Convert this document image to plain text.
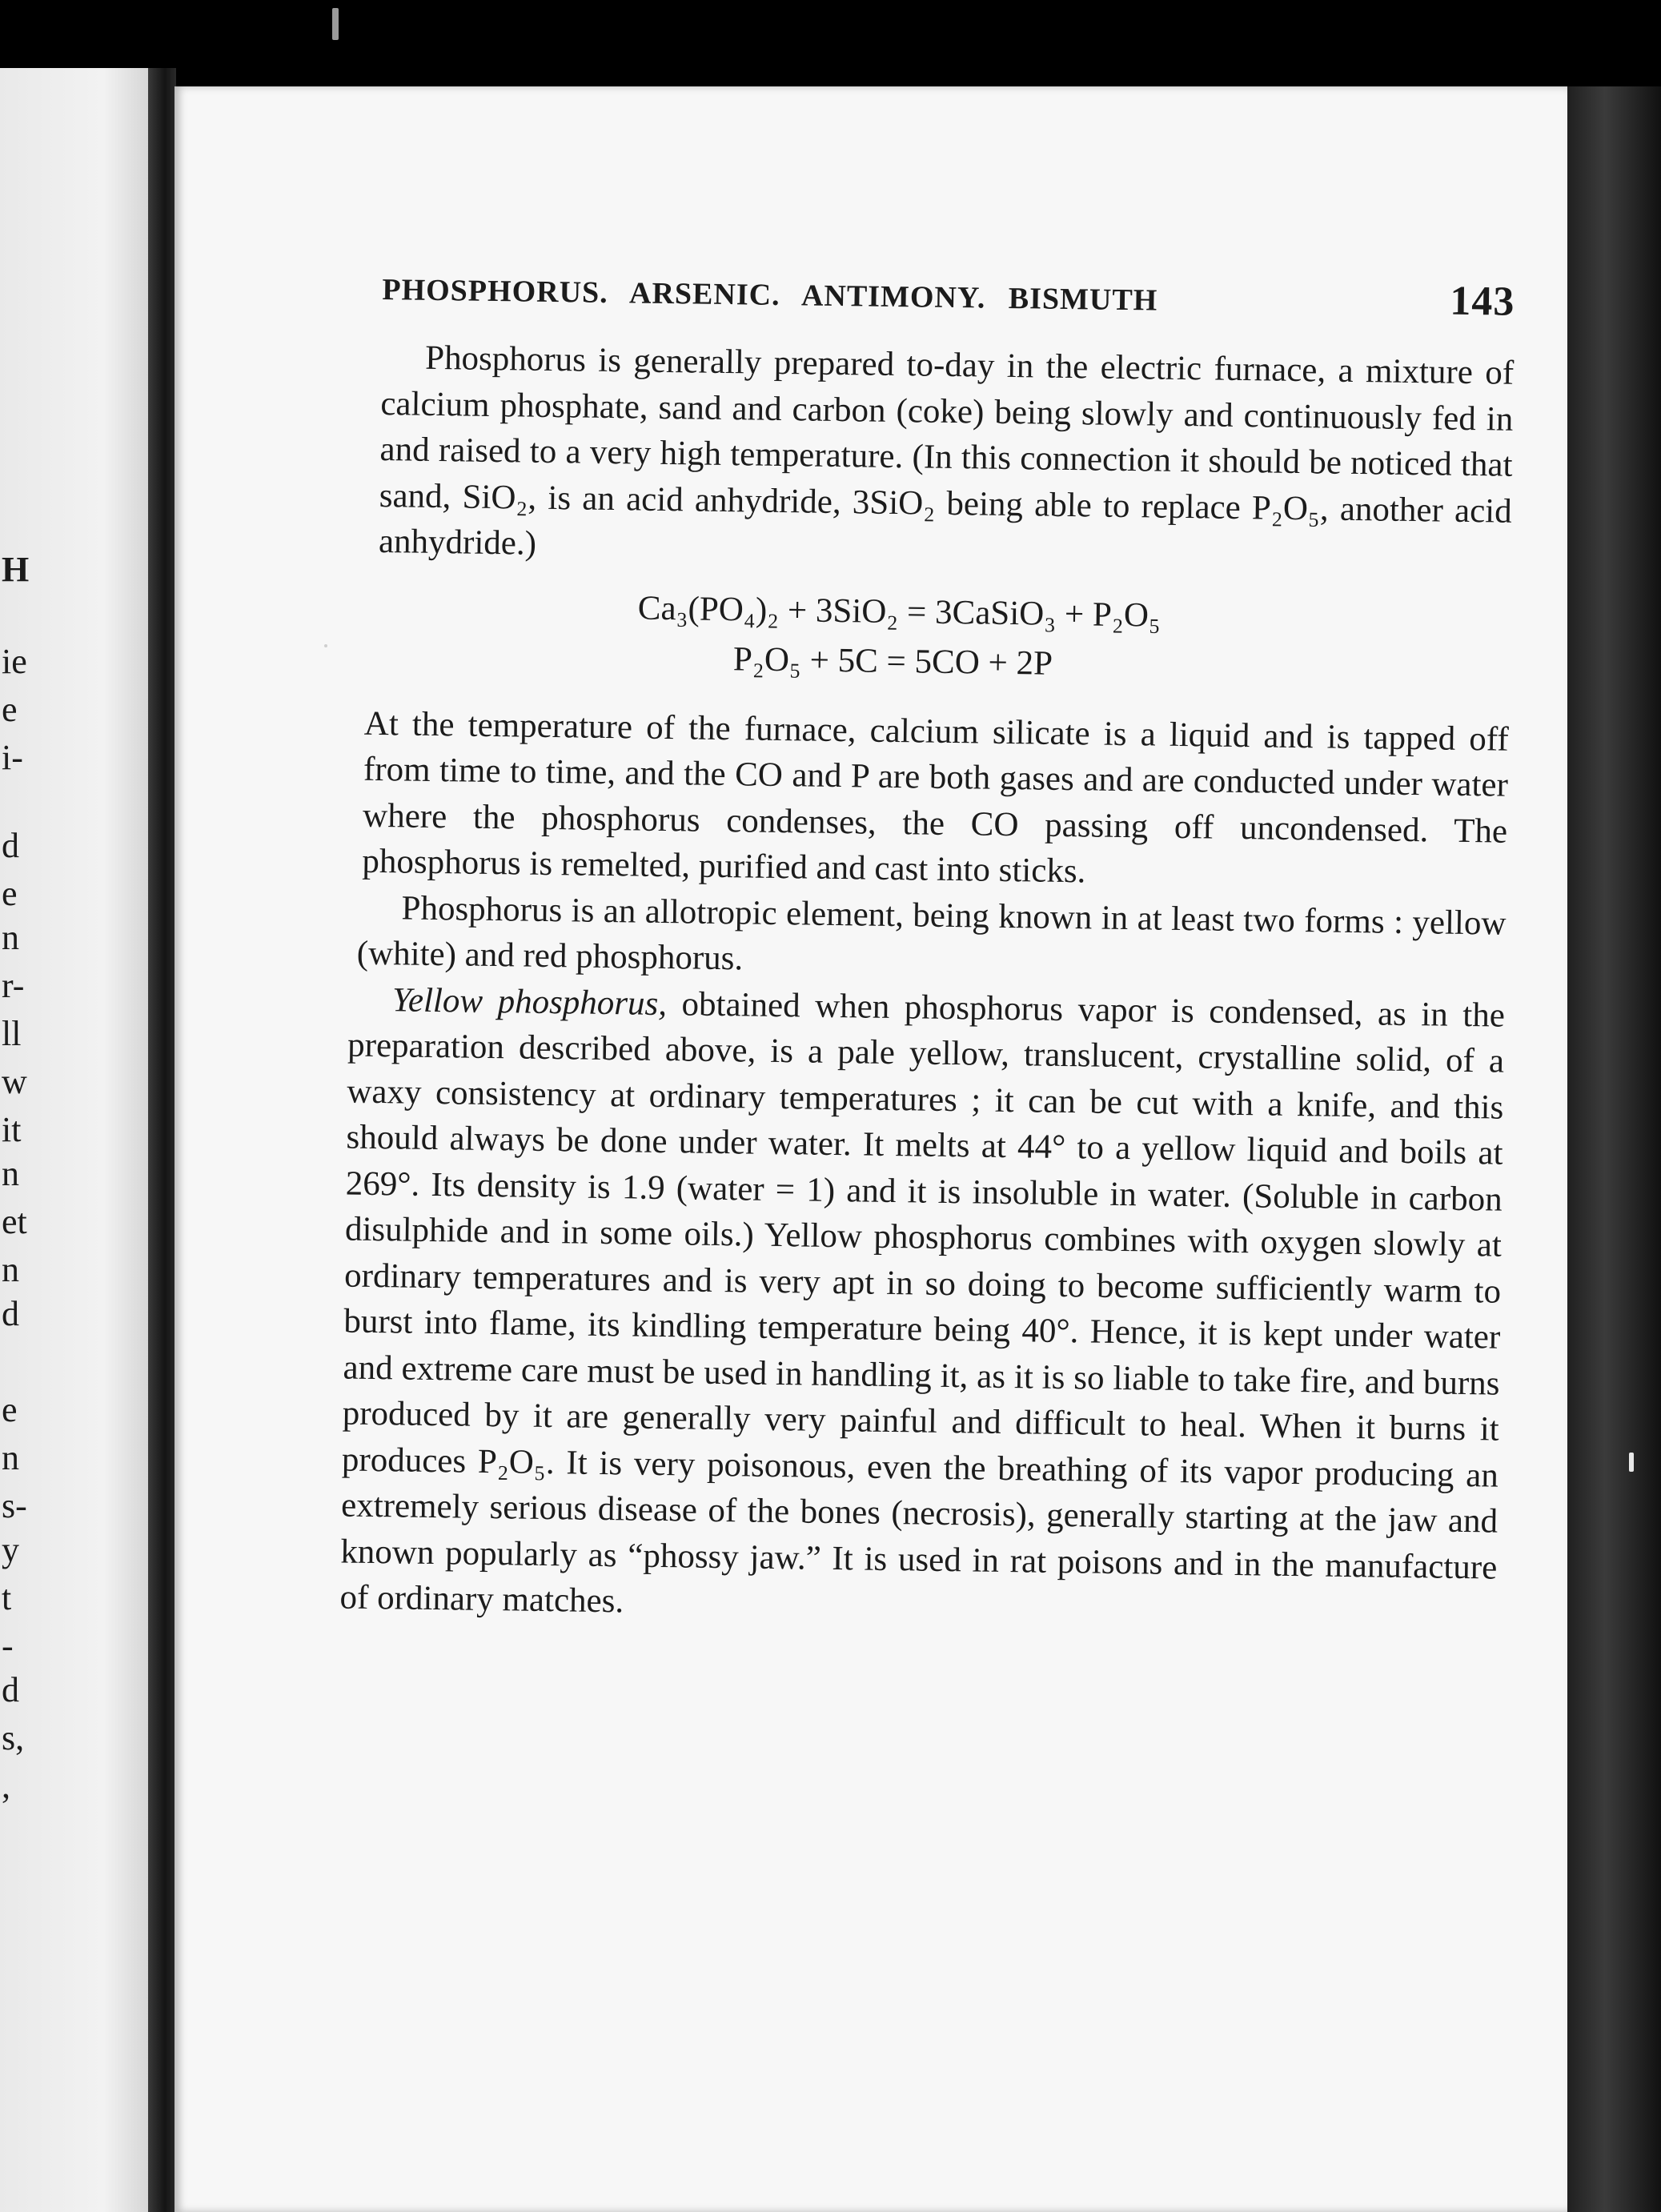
H
ie
e
i-
d
e
n
r-
ll
w
it
n
et
n
d
e
n
s-
y
t
-
d
s,
,
PHOSPHORUS. ARSENIC. ANTIMONY. BISMUTH	143

Phosphorus is generally prepared to-day in the electric furnace, a mixture of calcium phosphate, sand and carbon (coke) being slowly and continuously fed in and raised to a very high temperature. (In this connection it should be noticed that sand, SiO₂, is an acid anhydride, 3SiO₂ being able to replace P₂O₅, another acid anhydride.)

Ca₃(PO₄)₂ + 3SiO₂ = 3CaSiO₃ + P₂O₅
P₂O₅ + 5C = 5CO + 2P

At the temperature of the furnace, calcium silicate is a liquid and is tapped off from time to time, and the CO and P are both gases and are conducted under water where the phosphorus condenses, the CO passing off uncondensed. The phosphorus is remelted, purified and cast into sticks.

Phosphorus is an allotropic element, being known in at least two forms : yellow (white) and red phosphorus.

Yellow phosphorus, obtained when phosphorus vapor is condensed, as in the preparation described above, is a pale yellow, translucent, crystalline solid, of a waxy consistency at ordinary temperatures ; it can be cut with a knife, and this should always be done under water. It melts at 44° to a yellow liquid and boils at 269°. Its density is 1.9 (water = 1) and it is insoluble in water. (Soluble in carbon disulphide and in some oils.) Yellow phosphorus combines with oxygen slowly at ordinary temperatures and is very apt in so doing to become sufficiently warm to burst into flame, its kindling temperature being 40°. Hence, it is kept under water and extreme care must be used in handling it, as it is so liable to take fire, and burns produced by it are generally very painful and difficult to heal. When it burns it produces P₂O₅. It is very poisonous, even the breathing of its vapor producing an extremely serious disease of the bones (necrosis), generally starting at the jaw and known popularly as “phossy jaw.” It is used in rat poisons and in the manufacture of ordinary matches.
